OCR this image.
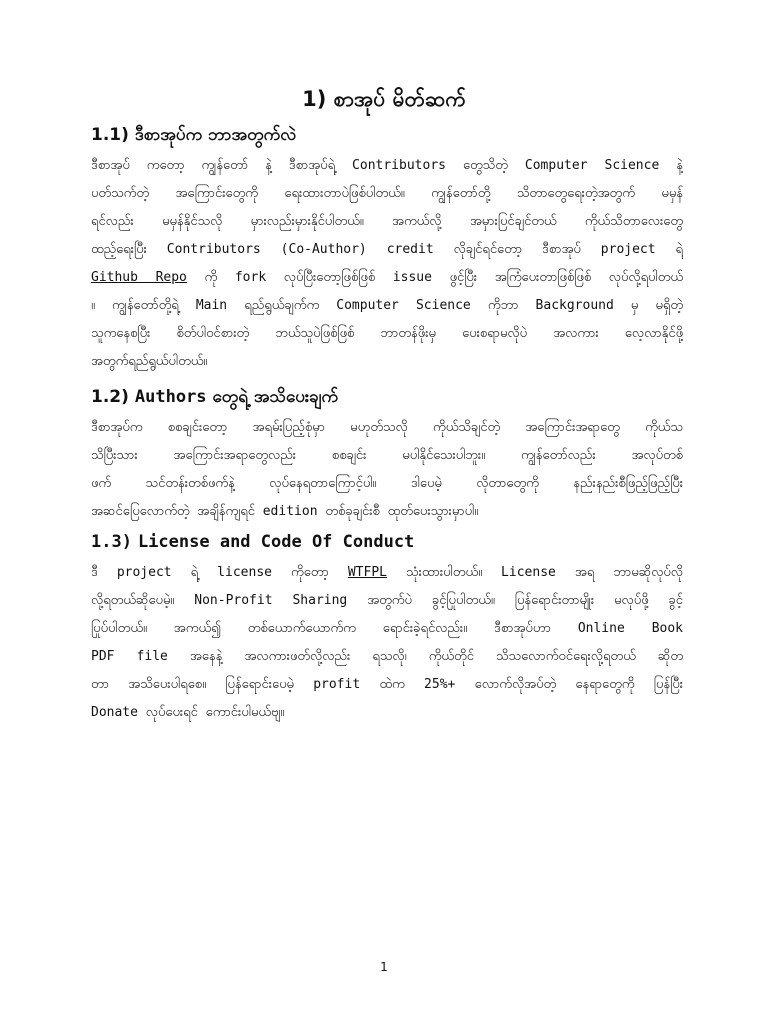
1) စာအုပ် မိတ်ဆက်
1.1) ဒီစာအုပ်က ဘာအတွက်လဲ
ဒီစာအုပ် ကတော့ ကျွန်တော် နဲ့ ဒီစာအုပ်ရဲ့ Contributors တွေသိတဲ့ Computer Science နဲ့
ပတ်သက်တဲ့ အကြောင်းတွေကို ရေးထားတာပဲဖြစ်ပါတယ်။ ကျွန်တော်တို့ သိတာတွေရေးတဲ့အတွက် မမှန်
ရင်လည်း မမှန်နိုင်သလို မှားလည်းမှားနိုင်ပါတယ်။ အကယ်လို့ အမှားပြင်ချင်တယ် ကိုယ်သိတာလေးတွေ
ထည့်ရေးပြီး Contributors (Co-Author) credit လိုချင်ရင်တော့ ဒီစာအုပ် project ရဲ့
Github Repo ကို fork လုပ်ပြီးတော့ဖြစ်ဖြစ် issue ဖွင့်ပြီး အကြံပေးတာဖြစ်ဖြစ် လုပ်လို့ရပါတယ်
။ ကျွန်တော်တို့ရဲ့ Main ရည်ရွယ်ချက်က Computer Science ကိုဘာ Background မှ မရှိတဲ့
သူကနေစပြီး စိတ်ပါဝင်စားတဲ့ ဘယ်သူပဲဖြစ်ဖြစ် ဘာတန်ဖိုးမှ ပေးစရာမလိုပဲ အလကား လေ့လာနိုင်ဖို့
အတွက်ရည်ရွယ်ပါတယ်။
1.2) Authors တွေရဲ့ အသိပေးချက်
ဒီစာအုပ်က စစချင်းတော့ အရမ်းပြည့်စုံမှာ မဟုတ်သလို ကိုယ်သိချင်တဲ့ အကြောင်းအရာတွေ ကိုယ်သ
သိပြီးသား အကြောင်းအရာတွေလည်း စစချင်း မပါနိုင်သေးပါဘူး။ ကျွန်တော်လည်း အလုပ်တစ်
ဖက် သင်တန်းတစ်ဖက်နဲ့ လုပ်နေရတာကြောင့်ပါ။ ဒါပေမဲ့ လိုတာတွေကို နည်းနည်းစီဖြည့်ဖြည့်ပြီး
အဆင်ပြေလောက်တဲ့ အချိန်ကျရင် edition တစ်ခုချင်းစီ ထုတ်ပေးသွားမှာပါ။
1.3) License and Code Of Conduct
ဒီ project ရဲ့ license ကိုတော့ WTFPL သုံးထားပါတယ်။ License အရ ဘာမဆိုလုပ်လို
လို့ရတယ်ဆိုပေမဲ့။ Non-Profit Sharing အတွက်ပဲ ခွင့်ပြုပါတယ်။ ပြန်ရောင်းတာမျိုး မလုပ်ဖို့ ခွင့်
ပြုပ်ပါတယ်။ အကယ်၍ တစ်ယောက်ယောက်က ရောင်းခဲ့ရင်လည်း။ ဒီစာအုပ်ဟာ Online Book
PDF file အနေနဲ့ အလကားဖတ်လို့လည်း ရသလို၊ ကိုယ်တိုင် သိသလောက်ဝင်ရေးလို့ရတယ် ဆိုတ
တာ အသိပေးပါရစေ။ ပြန်ရောင်းပေမဲ့ profit ထဲက 25%+ လောက်လိုအပ်တဲ့ နေရာတွေကို ပြန်ပြီး
Donate လုပ်ပေးရင် ကောင်းပါမယ်ဗျ။
1
